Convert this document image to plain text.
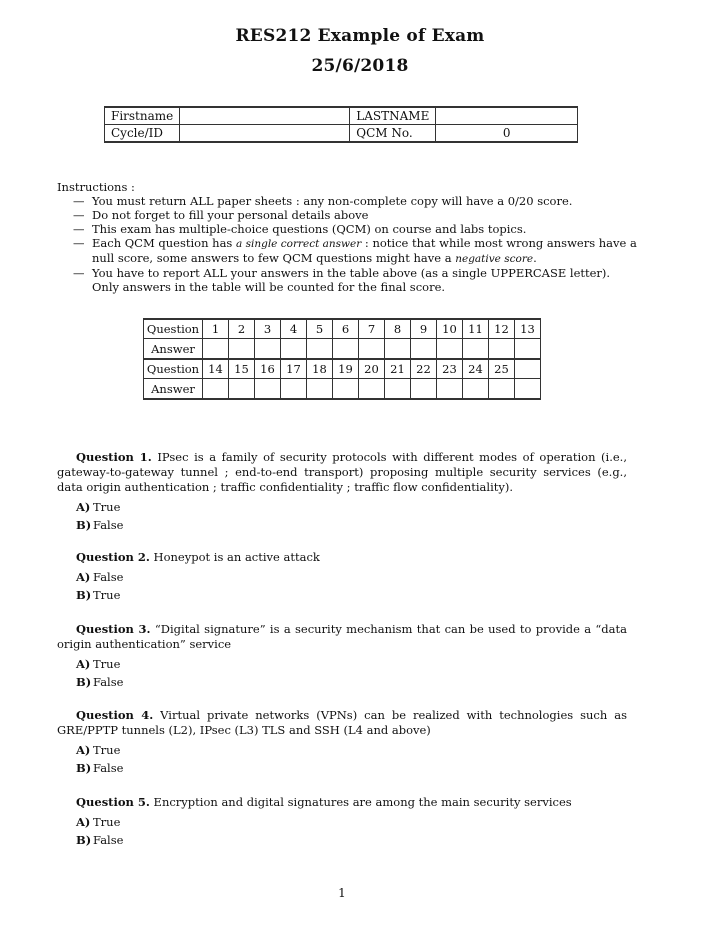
RES212 Example of Exam
25/6/2018
Firstname		LASTNAME	
Cycle/ID		QCM No.	0
Instructions :
— You must return ALL paper sheets : any non-complete copy will have a 0/20 score.
— Do not forget to fill your personal details above
— This exam has multiple-choice questions (QCM) on course and labs topics.
— Each QCM question has a single correct answer : notice that while most wrong answers have a null score, some answers to few QCM questions might have a negative score.
— You have to report ALL your answers in the table above (as a single UPPERCASE letter). Only answers in the table will be counted for the final score.
Question	1	2	3	4	5	6	7	8	9	10	11	12	13
Answer													
Question	14	15	16	17	18	19	20	21	22	23	24	25	
Answer													
Question 1. IPsec is a family of security protocols with different modes of operation (i.e., gateway-to-gateway tunnel ; end-to-end transport) proposing multiple security services (e.g., data origin authentication ; traffic confidentiality ; traffic flow confidentiality).
A) True
B) False
Question 2. Honeypot is an active attack
A) False
B) True
Question 3. “Digital signature” is a security mechanism that can be used to provide a “data origin authentication” service
A) True
B) False
Question 4. Virtual private networks (VPNs) can be realized with technologies such as GRE/PPTP tunnels (L2), IPsec (L3) TLS and SSH (L4 and above)
A) True
B) False
Question 5. Encryption and digital signatures are among the main security services
A) True
B) False
1
